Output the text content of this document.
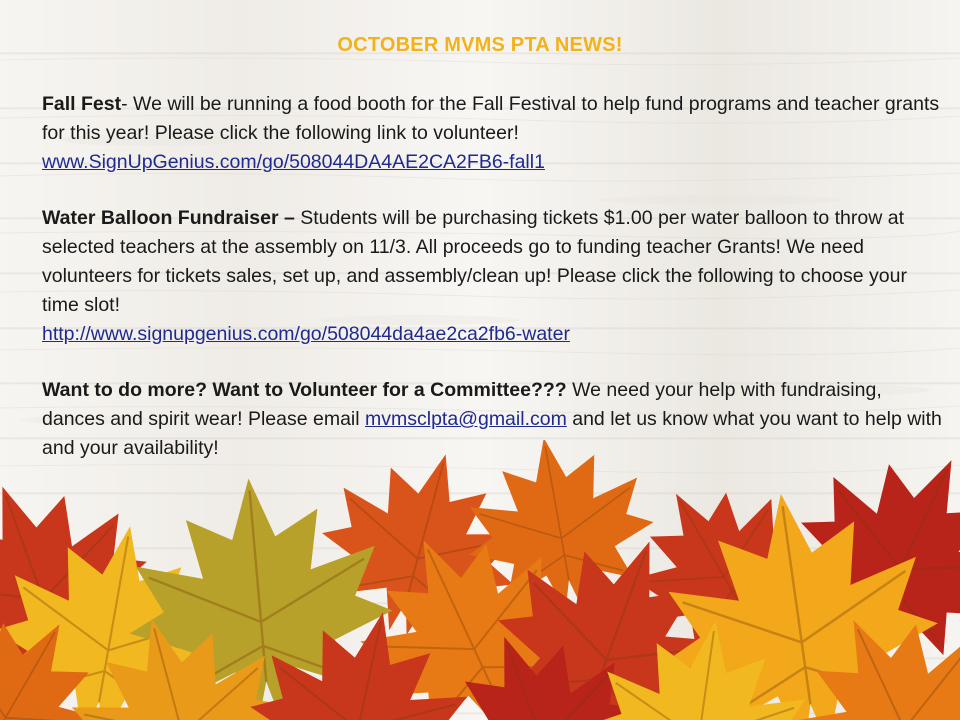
OCTOBER MVMS PTA NEWS!

Fall Fest- We will be running a food booth for the Fall Festival to help fund programs and teacher grants for this year! Please click the following link to volunteer!
www.SignUpGenius.com/go/508044DA4AE2CA2FB6-fall1

Water Balloon Fundraiser – Students will be purchasing tickets $1.00 per water balloon to throw at selected teachers at the assembly on 11/3. All proceeds go to funding teacher Grants! We need volunteers for tickets sales, set up, and assembly/clean up! Please click the following to choose your time slot!
http://www.signupgenius.com/go/508044da4ae2ca2fb6-water

Want to do more? Want to Volunteer for a Committee??? We need your help with fundraising, dances and spirit wear! Please email mvmsclpta@gmail.com and let us know what you want to help with and your availability!
